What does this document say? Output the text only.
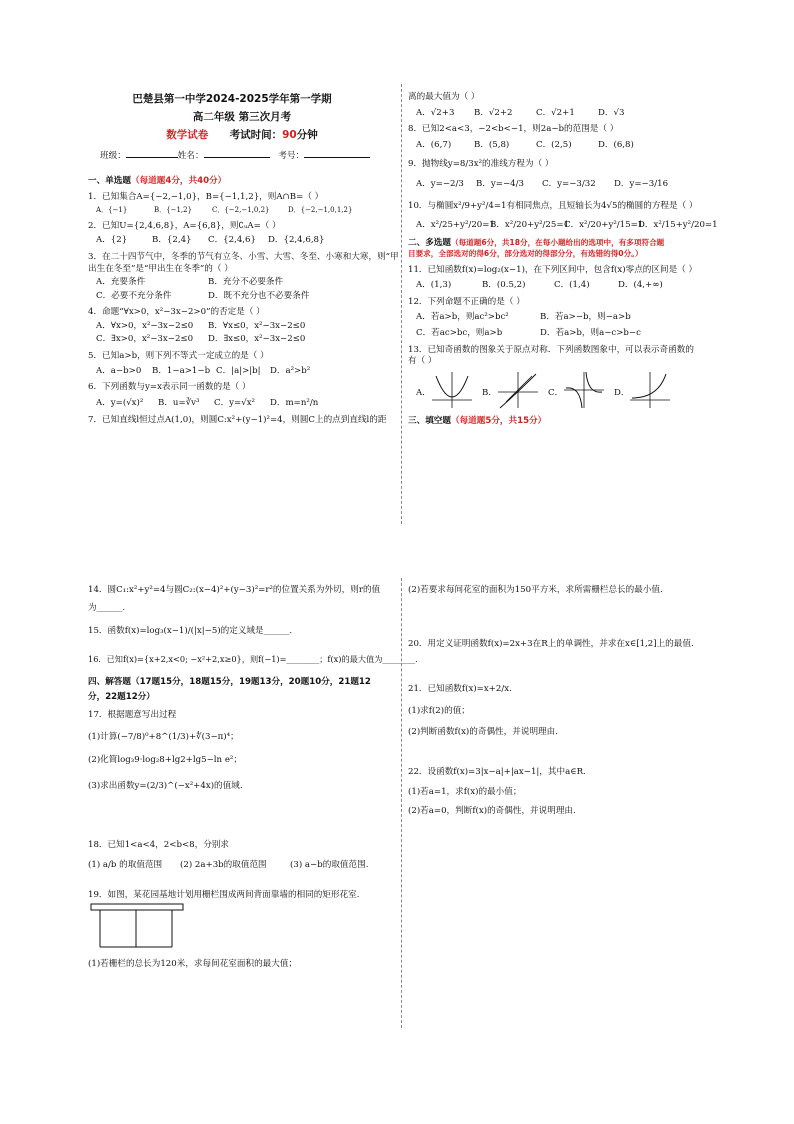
巴楚县第一中学2024-2025学年第一学期
高二年级 第三次月考
数学试卷 考试时间：90分钟
班级：	姓名：	考号：
一、单选题（每道题4分，共40分）

1．已知集合A={−2,−1,0}，B={−1,1,2}，则A∩B=（ ）

A．{−1}	B．{−1,2}	C．{−2,−1,0,2}	D．{−2,−1,0,1,2}

2．已知U={2,4,6,8}，A={6,8}，则∁ᵤA=（ ）

A．{2}	B．{2,4}	C．{2,4,6}	D．{2,4,6,8}

3．在二十四节气中，冬季的节气有立冬、小雪、大雪、冬至、小寒和大寒，则“甲

出生在冬至”是“甲出生在冬季”的（ ）

A．充要条件	B．充分不必要条件
C．必要不充分条件	D．既不充分也不必要条件

4．命题“∀x>0，x²−3x−2>0”的否定是（ ）

A．∀x>0，x²−3x−2≤0	B．∀x≤0，x²−3x−2≤0
C．∃x>0，x²−3x−2≤0	D．∃x≤0，x²−3x−2≤0

5．已知a>b，则下列不等式一定成立的是（ ）

A．a−b>0	B．1−a>1−b C．|a|>|b|	D．a²>b²

6．下列函数与y=x表示同一函数的是（ ）

A．y=(√x)²	B．u=∛v³	C．y=√x²	D．m=n²/n

7．已知直线l恒过点A(1,0)，则圆C:x²+(y−1)²=4，则圆C上的点到直线l的距

离的最大值为（ ）

A．√2+3	B．√2+2	C．√2+1	D．√3

8．已知2<a<3，−2<b<−1，则2a−b的范围是（ ）

A．(6,7)	B．(5,8)	C．(2,5)	D．(6,8)

9．抛物线y=8/3x²的准线方程为（ ）

A．y=−2/3	B．y=−4/3	C．y=−3/32	D．y=−3/16

10．与椭圆x²/9+y²/4=1有相同焦点，且短轴长为4√5的椭圆的方程是（ ）

A．x²/25+y²/20=1
B．x²/20+y²/25=1
C．x²/20+y²/15=1
D．x²/15+y²/20=1
二、多选题（每道题6分，共18分，在每小题给出的选项中，有多项符合题
目要求，全部选对的得6分，部分选对的得部分分，有选错的得0分。）

11．已知函数f(x)=log₂(x−1)，在下列区间中，包含f(x)零点的区间是（ ）

A．(1,3)	B．(0.5,2)	C．(1,4)	D．(4,+∞)

12．下列命题不正确的是（ ）

A．若a>b，则ac²>bc²	B．若a>−b，则−a>b
C．若ac>bc，则a>b	D．若a>b，则a−c>b−c

13．已知奇函数的图象关于原点对称．下列函数图象中，可以表示奇函数的

有（ ）

A．	B．	C．	D．
三、填空题（每道题5分，共15分）

14．圆C₁:x²+y²=4与圆C₂:(x−4)²+(y−3)²=r²的位置关系为外切，则r的值

为______.

15．函数f(x)=log₃(x−1)/(|x|−5)的定义域是______.

16．已知f(x)={x+2,x<0; −x²+2,x≥0}，则f(−1)=________；f(x)的最大值为________.

四、解答题（17题15分，18题15分，19题13分，20题10分，21题12
分，22题12分）

17．根据题意写出过程

(1)计算(−7/8)⁰+8^(1/3)+∜(3−π)⁴；

(2)化简log₃9·log₂8+lg2+lg5−ln e²；

(3)求出函数y=(2/3)^(−x²+4x)的值域.

18．已知1<a<4，2<b<8，分别求

(1) a/b 的取值范围	(2) 2a+3b的取值范围	(3) a−b的取值范围.

19．如图，某花园基地计划用栅栏围成两间背面靠墙的相同的矩形花室.

(1)若栅栏的总长为120米，求每间花室面积的最大值；

(2)若要求每间花室的面积为150平方米，求所需栅栏总长的最小值.

20．用定义证明函数f(x)=2x+3在R上的单调性，并求在x∈[1,2]上的最值.

21．已知函数f(x)=x+2/x.

(1)求f(2)的值；

(2)判断函数f(x)的奇偶性，并说明理由.

22．设函数f(x)=3|x−a|+|ax−1|，其中a∈R.

(1)若a=1，求f(x)的最小值；

(2)若a=0，判断f(x)的奇偶性，并说明理由.
